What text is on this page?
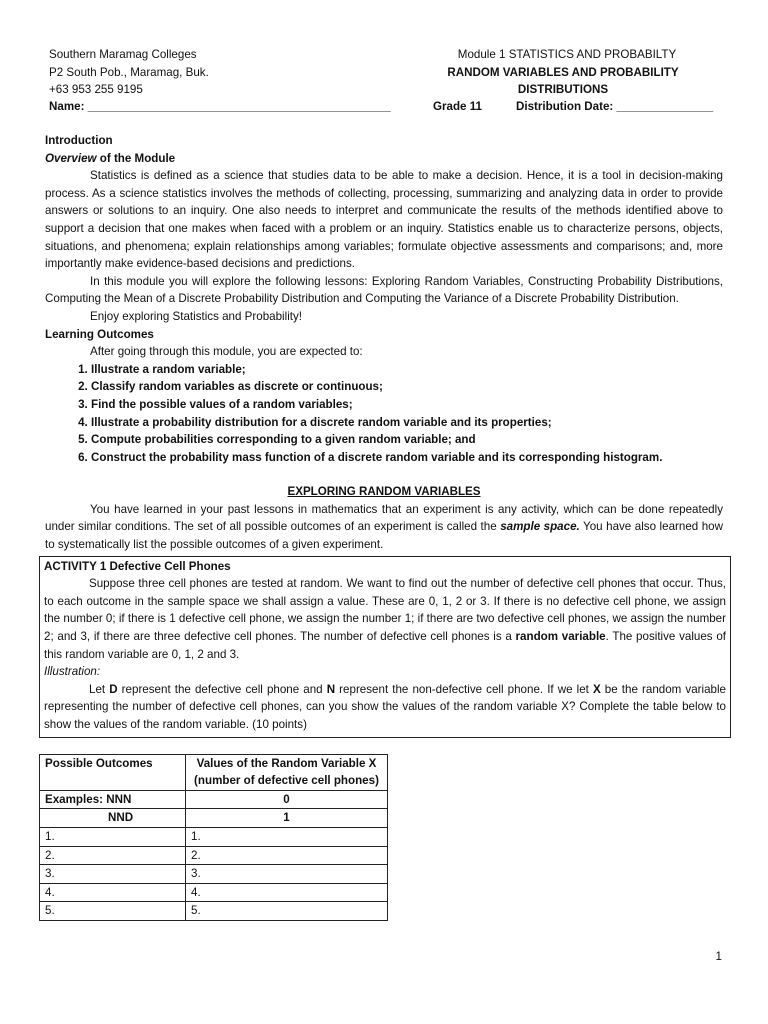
Southern Maramag Colleges
P2 South Pob., Maramag, Buk.
+63 953 255 9195
Module 1 STATISTICS AND PROBABILTY
RANDOM VARIABLES AND PROBABILITY DISTRIBUTIONS
Name: _______________________________________________	Grade 11	Distribution Date: _______________
Introduction
Overview of the Module

Statistics is defined as a science that studies data to be able to make a decision. Hence, it is a tool in decision-making process. As a science statistics involves the methods of collecting, processing, summarizing and analyzing data in order to provide answers or solutions to an inquiry. One also needs to interpret and communicate the results of the methods identified above to support a decision that one makes when faced with a problem or an inquiry. Statistics enable us to characterize persons, objects, situations, and phenomena; explain relationships among variables; formulate objective assessments and comparisons; and, more importantly make evidence-based decisions and predictions.

In this module you will explore the following lessons: Exploring Random Variables, Constructing Probability Distributions, Computing the Mean of a Discrete Probability Distribution and Computing the Variance of a Discrete Probability Distribution.

Enjoy exploring Statistics and Probability!

Learning Outcomes

After going through this module, you are expected to:

1. Illustrate a random variable;
2. Classify random variables as discrete or continuous;
3. Find the possible values of a random variables;
4. Illustrate a probability distribution for a discrete random variable and its properties;
5. Compute probabilities corresponding to a given random variable; and
6. Construct the probability mass function of a discrete random variable and its corresponding histogram.
EXPLORING RANDOM VARIABLES

You have learned in your past lessons in mathematics that an experiment is any activity, which can be done repeatedly under similar conditions. The set of all possible outcomes of an experiment is called the sample space. You have also learned how to systematically list the possible outcomes of a given experiment.

ACTIVITY 1 Defective Cell Phones

Suppose three cell phones are tested at random. We want to find out the number of defective cell phones that occur. Thus, to each outcome in the sample space we shall assign a value. These are 0, 1, 2 or 3. If there is no defective cell phone, we assign the number 0; if there is 1 defective cell phone, we assign the number 1; if there are two defective cell phones, we assign the number 2; and 3, if there are three defective cell phones. The number of defective cell phones is a random variable. The positive values of this random variable are 0, 1, 2 and 3.

Illustration:

Let D represent the defective cell phone and N represent the non-defective cell phone. If we let X be the random variable representing the number of defective cell phones, can you show the values of the random variable X? Complete the table below to show the values of the random variable. (10 points)

Possible Outcomes	Values of the Random Variable X
(number of defective cell phones)

Examples: NNN	0
NND	1
1.	1.
2.	2.
3.	3.
4.	4.
5.	5.
1
